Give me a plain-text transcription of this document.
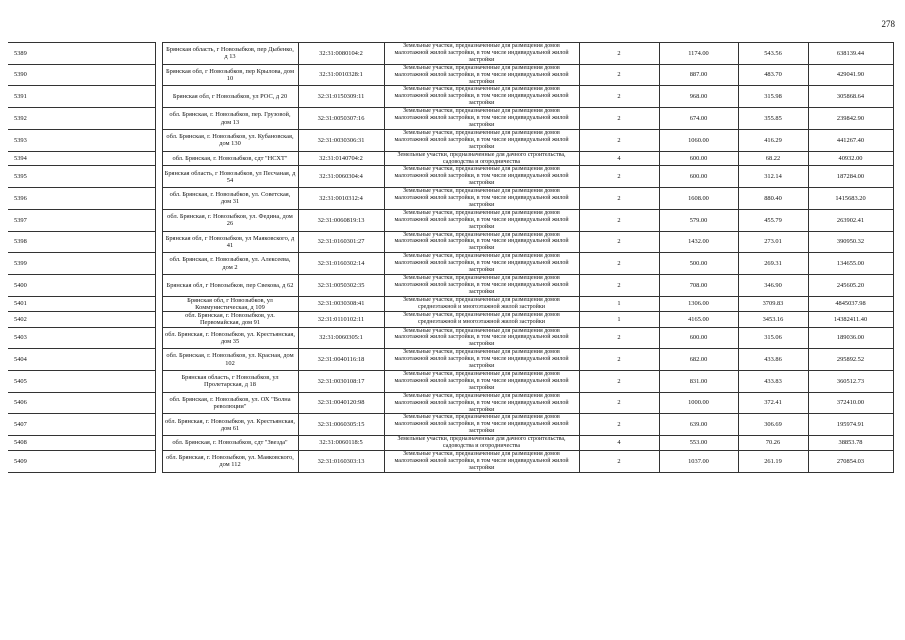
278
5389		Брянская область, г Новозыбков, пер Дыбенко, д 13	32:31:0080104:2	Земельные участки, предназначенные для размещения домов малоэтажной жилой застройки, в том числе индивидуальной жилой застройки	2	1174.00	543.56	638139.44
5390		Брянская обл, г Новозыбков, пер Крылова, дом 10	32:31:0010328:1	Земельные участки, предназначенные для размещения домов малоэтажной жилой застройки, в том числе индивидуальной жилой застройки	2	887.00	483.70	429041.90
5391		Брянская обл, г Новозыбков, ул РОС, д 20	32:31:0150309:11	Земельные участки, предназначенные для размещения домов малоэтажной жилой застройки, в том числе индивидуальной жилой застройки	2	968.00	315.98	305868.64
5392		обл. Брянская, г. Новозыбков, пер. Грузовой, дом 13	32:31:0050307:16	Земельные участки, предназначенные для размещения домов малоэтажной жилой застройки, в том числе индивидуальной жилой застройки	2	674.00	355.85	239842.90
5393		обл. Брянская, г. Новозыбков, ул. Кубановская, дом 130	32:31:0030306:31	Земельные участки, предназначенные для размещения домов малоэтажной жилой застройки, в том числе индивидуальной жилой застройки	2	1060.00	416.29	441267.40
5394		обл. Брянская, г. Новозыбков, сдт "НСХТ"	32:31:0140704:2	Земельные участки, предназначенные для дачного строительства, садоводства и огородничества	4	600.00	68.22	40932.00
5395		Брянская область, г Новозыбков, ул Песчаная, д 54	32:31:0060304:4	Земельные участки, предназначенные для размещения домов малоэтажной жилой застройки, в том числе индивидуальной жилой застройки	2	600.00	312.14	187284.00
5396		обл. Брянская, г. Новозыбков, ул. Советская, дом 31	32:31:0010312:4	Земельные участки, предназначенные для размещения домов малоэтажной жилой застройки, в том числе индивидуальной жилой застройки	2	1608.00	880.40	1415683.20
5397		обл. Брянская, г. Новозыбков, ул. Федина, дом 26	32:31:0060819:13	Земельные участки, предназначенные для размещения домов малоэтажной жилой застройки, в том числе индивидуальной жилой застройки	2	579.00	455.79	263902.41
5398		Брянская обл, г Новозыбков, ул Маяковского, д 41	32:31:0160301:27	Земельные участки, предназначенные для размещения домов малоэтажной жилой застройки, в том числе индивидуальной жилой застройки	2	1432.00	273.01	390950.32
5399		обл. Брянская, г. Новозыбков, ул. Алексеева, дом 2	32:31:0160302:14	Земельные участки, предназначенные для размещения домов малоэтажной жилой застройки, в том числе индивидуальной жилой застройки	2	500.00	269.31	134655.00
5400		Брянская обл, г Новозыбков, пер Свекова, д 62	32:31:0050302:35	Земельные участки, предназначенные для размещения домов малоэтажной жилой застройки, в том числе индивидуальной жилой застройки	2	708.00	346.90	245605.20
5401		Брянская обл, г Новозыбков, ул Коммунистическая, д 109	32:31:0030308:41	Земельные участки, предназначенные для размещения домов среднеэтажной и многоэтажной жилой застройки	1	1306.00	3709.83	4845037.98
5402		обл. Брянская, г. Новозыбков, ул. Первомайская, дом 91	32:31:0110102:11	Земельные участки, предназначенные для размещения домов среднеэтажной и многоэтажной жилой застройки	1	4165.00	3453.16	14382411.40
5403		обл. Брянская, г. Новозыбков, ул. Крестьянская, дом 35	32:31:0060305:1	Земельные участки, предназначенные для размещения домов малоэтажной жилой застройки, в том числе индивидуальной жилой застройки	2	600.00	315.06	189036.00
5404		обл. Брянская, г. Новозыбков, ул. Красная, дом 102	32:31:0040116:18	Земельные участки, предназначенные для размещения домов малоэтажной жилой застройки, в том числе индивидуальной жилой застройки	2	682.00	433.86	295892.52
5405		Брянская область, г Новозыбков, ул Пролетарская, д 18	32:31:0030108:17	Земельные участки, предназначенные для размещения домов малоэтажной жилой застройки, в том числе индивидуальной жилой застройки	2	831.00	433.83	360512.73
5406		обл. Брянская, г. Новозыбков, ул. ОХ "Волна революции"	32:31:0040120:98	Земельные участки, предназначенные для размещения домов малоэтажной жилой застройки, в том числе индивидуальной жилой застройки	2	1000.00	372.41	372410.00
5407		обл. Брянская, г. Новозыбков, ул. Крестьянская, дом 61	32:31:0060305:15	Земельные участки, предназначенные для размещения домов малоэтажной жилой застройки, в том числе индивидуальной жилой застройки	2	639.00	306.69	195974.91
5408		обл. Брянская, г. Новозыбков, сдт "Звезда"	32:31:0060118:5	Земельные участки, предназначенные для дачного строительства, садоводства и огородничества	4	553.00	70.26	38853.78
5409		обл. Брянская, г. Новозыбков, ул. Маяковского, дом 112	32:31:0160303:13	Земельные участки, предназначенные для размещения домов малоэтажной жилой застройки, в том числе индивидуальной жилой застройки	2	1037.00	261.19	270854.03
